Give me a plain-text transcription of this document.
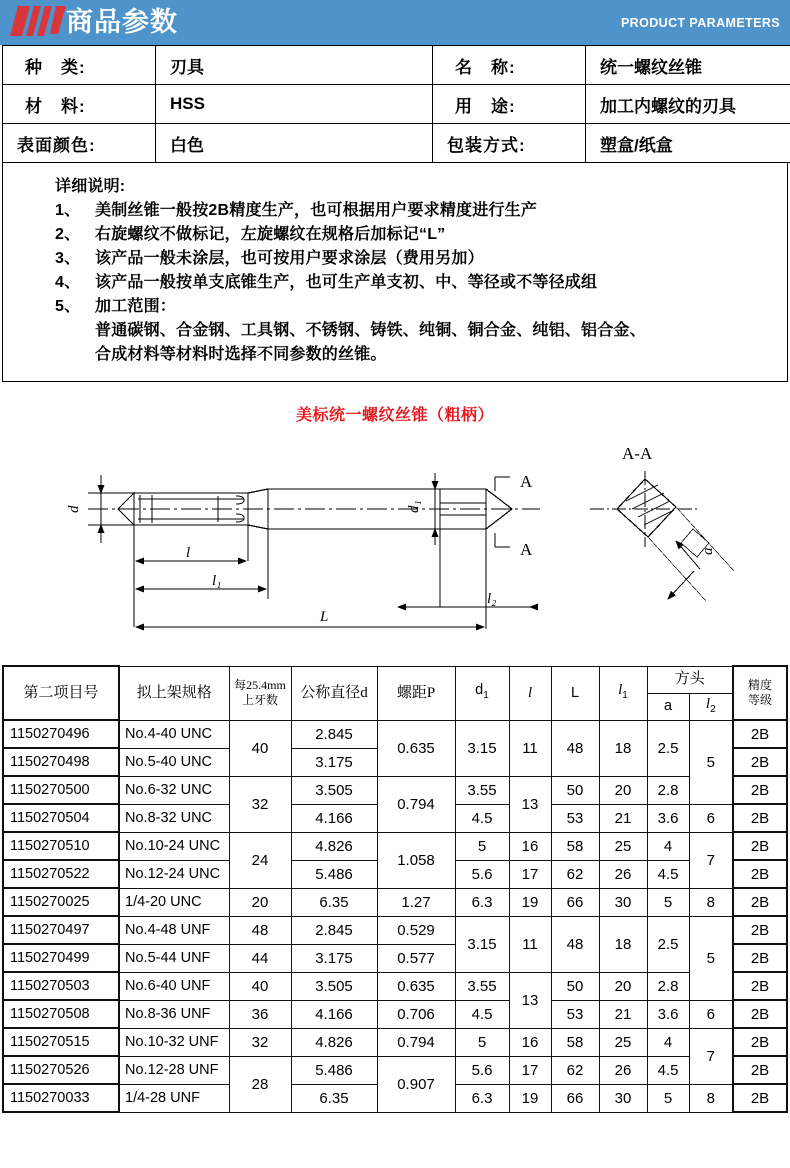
商品参数	PRODUCT PARAMETERS
种　类:	刃具	名　称:	统一螺纹丝锥
材　料:	HSS	用　途:	加工内螺纹的刃具
表面颜色:	白色	包装方式:	塑盒/纸盒
详细说明:
1、 美制丝锥一般按2B精度生产，也可根据用户要求精度进行生产
2、 右旋螺纹不做标记，左旋螺纹在规格后加标记“L”
3、 该产品一般未涂层，也可按用户要求涂层（费用另加）
4、 该产品一般按单支底锥生产，也可生产单支初、中、等径或不等径成组
5、 加工范围：
普通碳钢、合金钢、工具钢、不锈钢、铸铁、纯铜、铜合金、纯铝、铝合金、
合成材料等材料时选择不同参数的丝锥。
美标统一螺纹丝锥（粗柄）
d	d₁
l
l₁
L
l₂
a
A
A
A-A
第二项目号	拟上架规格	每25.4mm
上牙数	公称直径d	螺距P	$d_1$	l	L	$l_1$	方头		精度
等级
									a	$l_2$
1150270496	No.4-40 UNC	40	2.845	0.635	3.15	11	48	18	2.5	5	2B
1150270498	No.5-40 UNC		3.175								2B
1150270500	No.6-32 UNC	32	3.505	0.794	3.55	13	50	20	2.8		2B
1150270504	No.8-32 UNC		4.166		4.5		53	21	3.6	6	2B
1150270510	No.10-24 UNC	24	4.826	1.058	5	16	58	25	4	7	2B
1150270522	No.12-24 UNC		5.486		5.6	17	62	26	4.5		2B
1150270025	1/4-20 UNC	20	6.35	1.27	6.3	19	66	30	5	8	2B
1150270497	No.4-48 UNF	48	2.845	0.529	3.15	11	48	18	2.5	5	2B
1150270499	No.5-44 UNF	44	3.175	0.577							2B
1150270503	No.6-40 UNF	40	3.505	0.635	3.55	13	50	20	2.8		2B
1150270508	No.8-36 UNF	36	4.166	0.706	4.5		53	21	3.6	6	2B
1150270515	No.10-32 UNF	32	4.826	0.794	5	16	58	25	4	7	2B
1150270526	No.12-28 UNF	28	5.486	0.907	5.6	17	62	26	4.5		2B
1150270033	1/4-28 UNF		6.35		6.3	19	66	30	5	8	2B
